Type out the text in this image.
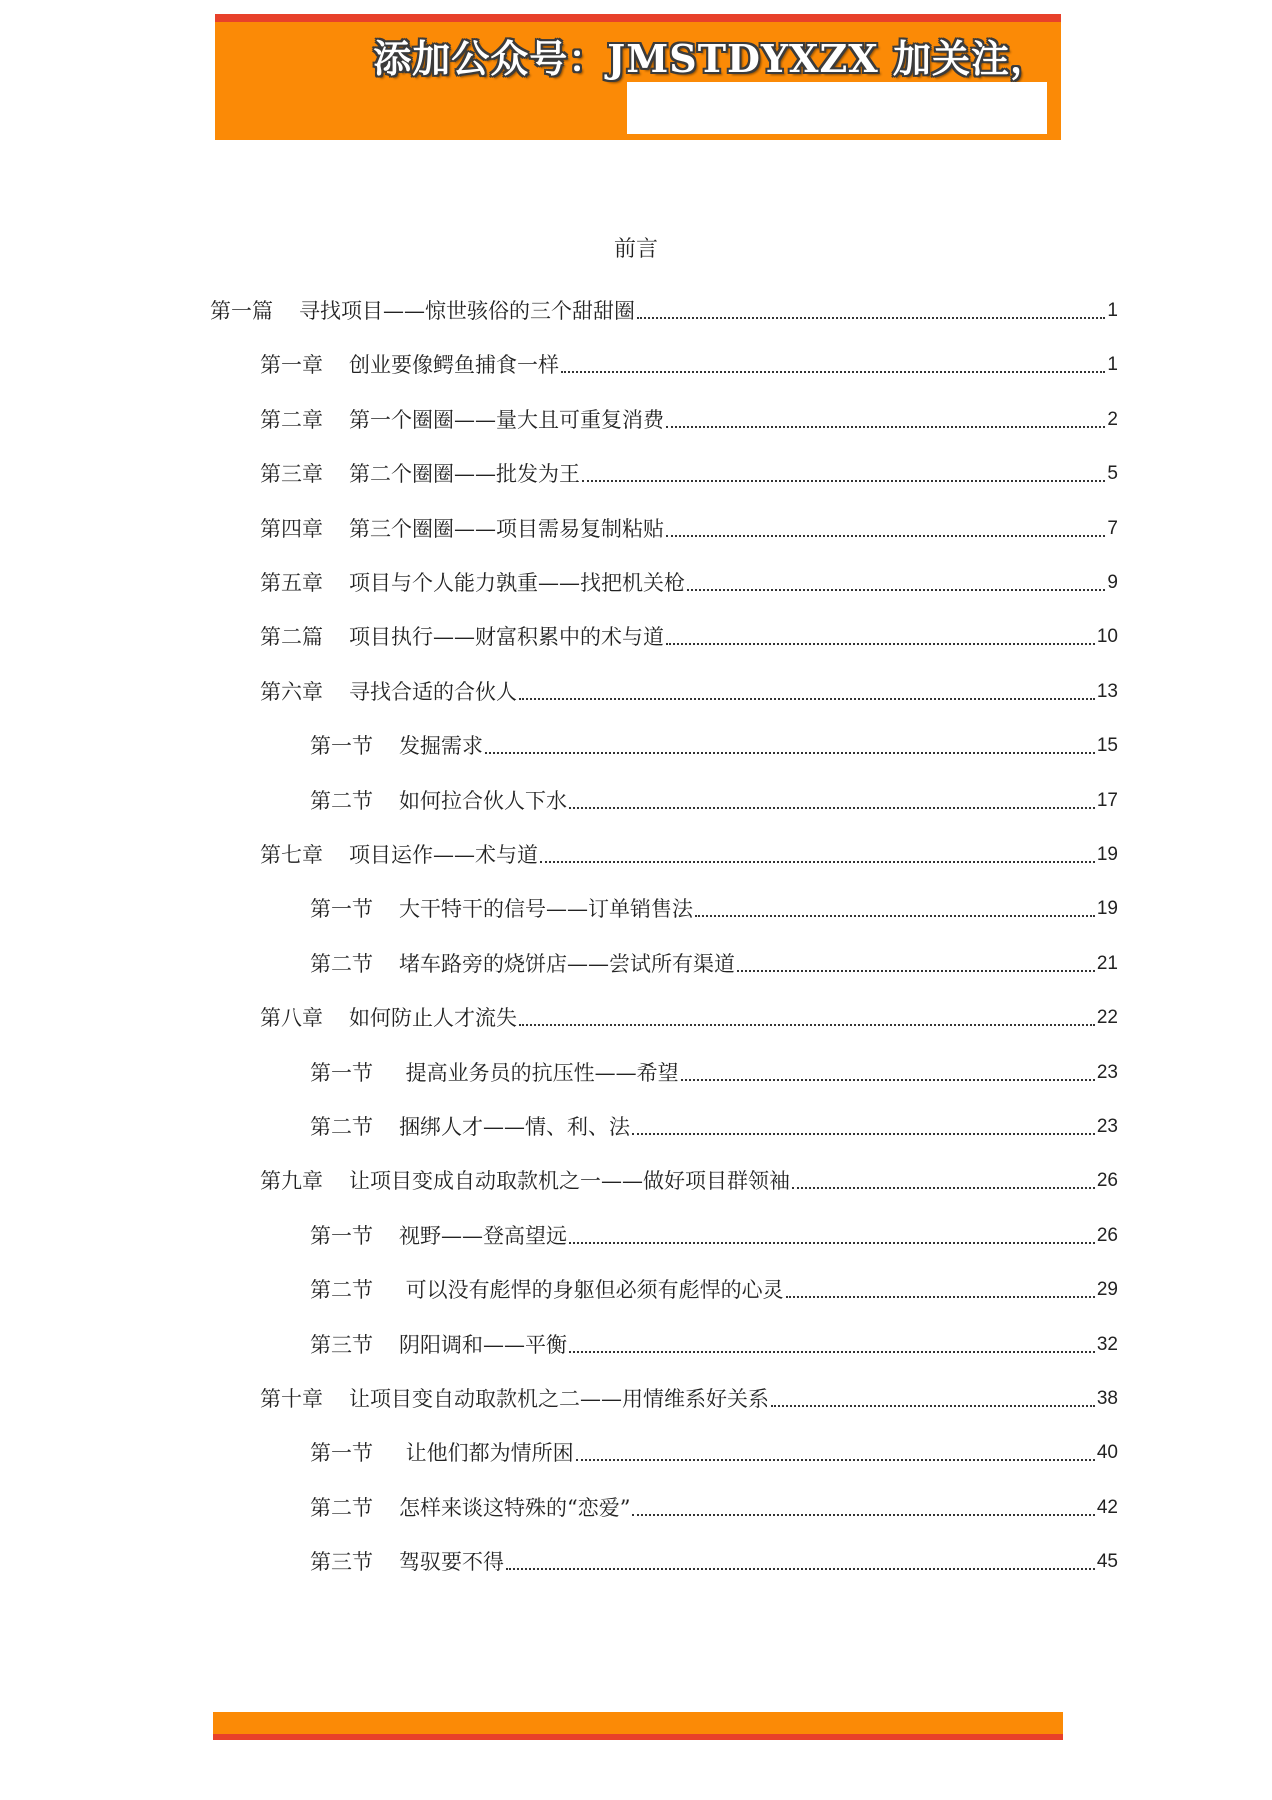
添加公众号：JMSTDYXZX 加关注，
前言
第一篇 寻找项目——惊世骇俗的三个甜甜圈	1
第一章 创业要像鳄鱼捕食一样	1
第二章 第一个圈圈——量大且可重复消费	2
第三章 第二个圈圈——批发为王	5
第四章 第三个圈圈——项目需易复制粘贴	7
第五章 项目与个人能力孰重——找把机关枪	9
第二篇 项目执行——财富积累中的术与道	10
第六章 寻找合适的合伙人	13
第一节 发掘需求	15
第二节 如何拉合伙人下水	17
第七章 项目运作——术与道	19
第一节 大干特干的信号——订单销售法	19
第二节 堵车路旁的烧饼店——尝试所有渠道	21
第八章 如何防止人才流失	22
第一节 提高业务员的抗压性——希望	23
第二节 捆绑人才——情、利、法	23
第九章 让项目变成自动取款机之一——做好项目群领袖	26
第一节 视野——登高望远	26
第二节 可以没有彪悍的身躯但必须有彪悍的心灵	29
第三节 阴阳调和——平衡	32
第十章 让项目变自动取款机之二——用情维系好关系	38
第一节 让他们都为情所困	40
第二节 怎样来谈这特殊的“恋爱”	42
第三节 驾驭要不得	45
